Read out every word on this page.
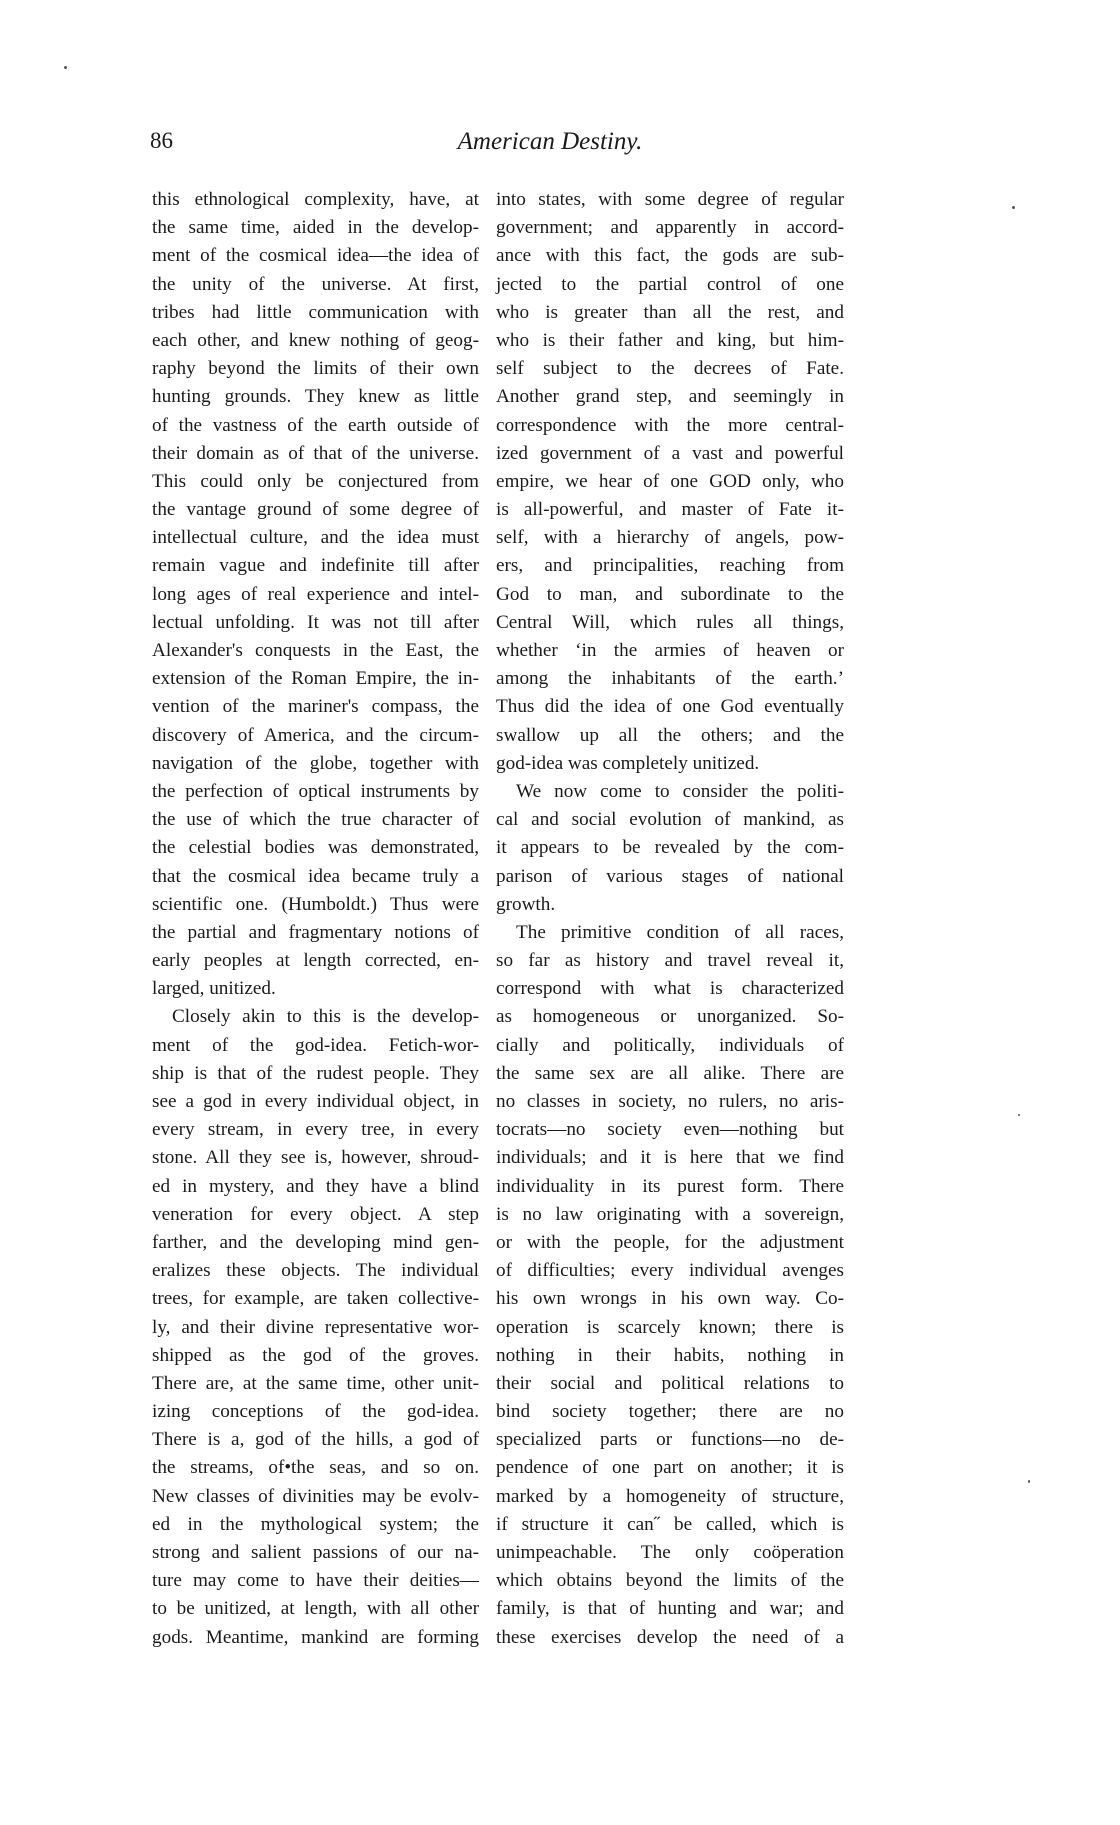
86	American Destiny.
this ethnological complexity, have, at
the same time, aided in the develop-
ment of the cosmical idea—the idea of
the unity of the universe. At first,
tribes had little communication with
each other, and knew nothing of geog-
raphy beyond the limits of their own
hunting grounds. They knew as little
of the vastness of the earth outside of
their domain as of that of the universe.
This could only be conjectured from
the vantage ground of some degree of
intellectual culture, and the idea must
remain vague and indefinite till after
long ages of real experience and intel-
lectual unfolding. It was not till after
Alexander's conquests in the East, the
extension of the Roman Empire, the in-
vention of the mariner's compass, the
discovery of America, and the circum-
navigation of the globe, together with
the perfection of optical instruments by
the use of which the true character of
the celestial bodies was demonstrated,
that the cosmical idea became truly a
scientific one. (Humboldt.) Thus were
the partial and fragmentary notions of
early peoples at length corrected, en-
larged, unitized.
Closely akin to this is the develop-
ment of the god-idea. Fetich-wor-
ship is that of the rudest people. They
see a god in every individual object, in
every stream, in every tree, in every
stone. All they see is, however, shroud-
ed in mystery, and they have a blind
veneration for every object. A step
farther, and the developing mind gen-
eralizes these objects. The individual
trees, for example, are taken collective-
ly, and their divine representative wor-
shipped as the god of the groves.
There are, at the same time, other unit-
izing conceptions of the god-idea.
There is a, god of the hills, a god of
the streams, of•the seas, and so on.
New classes of divinities may be evolv-
ed in the mythological system; the
strong and salient passions of our na-
ture may come to have their deities—
to be unitized, at length, with all other
gods. Meantime, mankind are forming
into states, with some degree of regular
government; and apparently in accord-
ance with this fact, the gods are sub-
jected to the partial control of one
who is greater than all the rest, and
who is their father and king, but him-
self subject to the decrees of Fate.
Another grand step, and seemingly in
correspondence with the more central-
ized government of a vast and powerful
empire, we hear of one GOD only, who
is all-powerful, and master of Fate it-
self, with a hierarchy of angels, pow-
ers, and principalities, reaching from
God to man, and subordinate to the
Central Will, which rules all things,
whether ‘in the armies of heaven or
among the inhabitants of the earth.’
Thus did the idea of one God eventually
swallow up all the others; and the
god-idea was completely unitized.
We now come to consider the politi-
cal and social evolution of mankind, as
it appears to be revealed by the com-
parison of various stages of national
growth.
The primitive condition of all races,
so far as history and travel reveal it,
correspond with what is characterized
as homogeneous or unorganized. So-
cially and politically, individuals of
the same sex are all alike. There are
no classes in society, no rulers, no aris-
tocrats—no society even—nothing but
individuals; and it is here that we find
individuality in its purest form. There
is no law originating with a sovereign,
or with the people, for the adjustment
of difficulties; every individual avenges
his own wrongs in his own way. Co-
operation is scarcely known; there is
nothing in their habits, nothing in
their social and political relations to
bind society together; there are no
specialized parts or functions—no de-
pendence of one part on another; it is
marked by a homogeneity of structure,
if structure it can˝ be called, which is
unimpeachable. The only coöperation
which obtains beyond the limits of the
family, is that of hunting and war; and
these exercises develop the need of a
